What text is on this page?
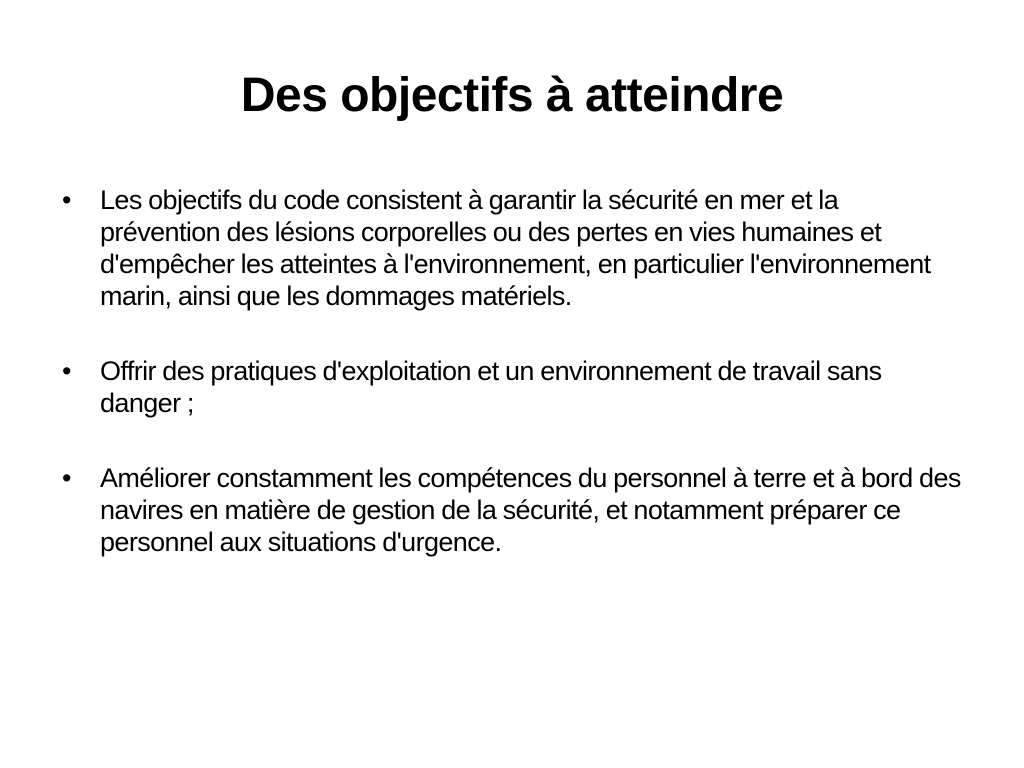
Des objectifs à atteindre
•	Les objectifs du code consistent à garantir la sécurité en mer et la prévention des lésions corporelles ou des pertes en vies humaines et d'empêcher les atteintes à l'environnement, en particulier l'environnement marin, ainsi que les dommages matériels.
•	Offrir des pratiques d'exploitation et un environnement de travail sans danger ;
•	Améliorer constamment les compétences du personnel à terre et à bord des navires en matière de gestion de la sécurité, et notamment préparer ce personnel aux situations d'urgence.
